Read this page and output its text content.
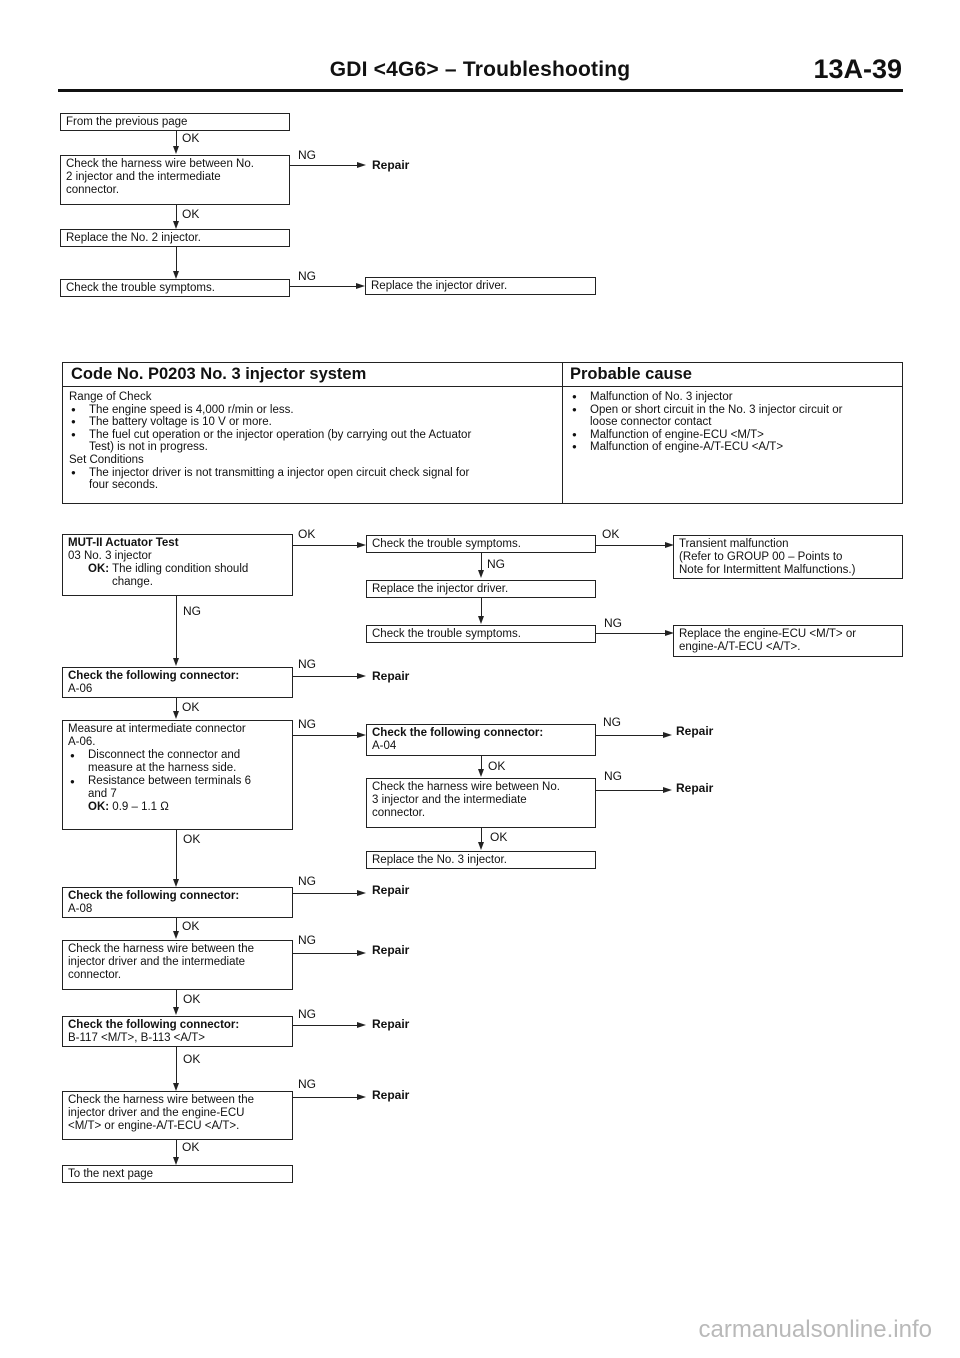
GDI <4G6> – Troubleshooting	13A-39
From the previous page
OK
Check the harness wire between No.
2 injector and the intermediate
connector.
NG
Repair
OK
Replace the No. 2 injector.
Check the trouble symptoms.
NG
Replace the injector driver.
Code No. P0203 No. 3 injector system	Probable cause
Range of Check
● The engine speed is 4,000 r/min or less.
● The battery voltage is 10 V or more.
● The fuel cut operation or the injector operation (by carrying out the Actuator
Test) is not in progress.
Set Conditions
● The injector driver is not transmitting a injector open circuit check signal for
four seconds.
● Malfunction of No. 3 injector
● Open or short circuit in the No. 3 injector circuit or
loose connector contact
● Malfunction of engine-ECU <M/T>
● Malfunction of engine-A/T-ECU <A/T>
MUT-II Actuator Test
03 No. 3 injector
OK: The idling condition should
change.
OK
Check the trouble symptoms.
OK
Transient malfunction
(Refer to GROUP 00 – Points to
Note for Intermittent Malfunctions.)
NG
Replace the injector driver.
Check the trouble symptoms.
NG
Replace the engine-ECU <M/T> or
engine-A/T-ECU <A/T>.
NG
Check the following connector:
A-06
NG
Repair
OK
Measure at intermediate connector
A-06.
● Disconnect the connector and
measure at the harness side.
● Resistance between terminals 6
and 7
OK: 0.9 – 1.1 Ω
NG
Check the following connector:
A-04
NG
Repair
OK
Check the harness wire between No.
3 injector and the intermediate
connector.
NG
Repair
OK
Replace the No. 3 injector.
OK
Check the following connector:
A-08
NG
Repair
OK
Check the harness wire between the
injector driver and the intermediate
connector.
NG
Repair
OK
Check the following connector:
B-117 <M/T>, B-113 <A/T>
NG
Repair
OK
Check the harness wire between the
injector driver and the engine-ECU
<M/T> or engine-A/T-ECU <A/T>.
NG
Repair
OK
To the next page
carmanualsonline.info
